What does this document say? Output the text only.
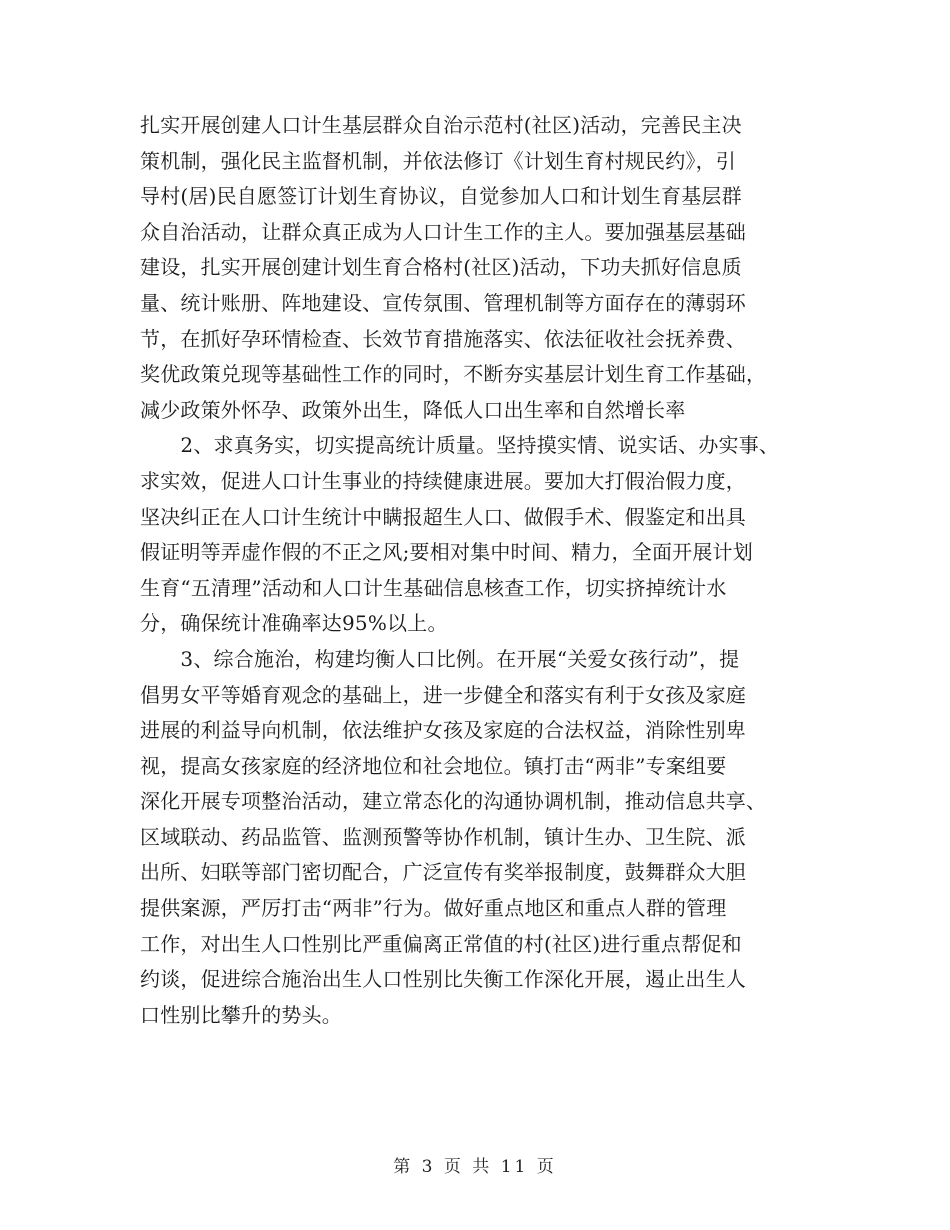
扎实开展创建人口计生基层群众自治示范村(社区)活动，完善民主决
策机制，强化民主监督机制，并依法修订《计划生育村规民约》，引
导村(居)民自愿签订计划生育协议，自觉参加人口和计划生育基层群
众自治活动，让群众真正成为人口计生工作的主人。要加强基层基础
建设，扎实开展创建计划生育合格村(社区)活动，下功夫抓好信息质
量、统计账册、阵地建设、宣传氛围、管理机制等方面存在的薄弱环
节，在抓好孕环情检查、长效节育措施落实、依法征收社会抚养费、
奖优政策兑现等基础性工作的同时，不断夯实基层计划生育工作基础，
减少政策外怀孕、政策外出生，降低人口出生率和自然增长率
　　2、求真务实，切实提高统计质量。坚持摸实情、说实话、办实事、
求实效，促进人口计生事业的持续健康进展。要加大打假治假力度，
坚决纠正在人口计生统计中瞒报超生人口、做假手术、假鉴定和出具
假证明等弄虚作假的不正之风;要相对集中时间、精力，全面开展计划
生育“五清理”活动和人口计生基础信息核查工作，切实挤掉统计水
分，确保统计准确率达95%以上。
　　3、综合施治，构建均衡人口比例。在开展“关爱女孩行动”，提
倡男女平等婚育观念的基础上，进一步健全和落实有利于女孩及家庭
进展的利益导向机制，依法维护女孩及家庭的合法权益，消除性别卑
视，提高女孩家庭的经济地位和社会地位。镇打击“两非”专案组要
深化开展专项整治活动，建立常态化的沟通协调机制，推动信息共享、
区域联动、药品监管、监测预警等协作机制，镇计生办、卫生院、派
出所、妇联等部门密切配合，广泛宣传有奖举报制度，鼓舞群众大胆
提供案源，严厉打击“两非”行为。做好重点地区和重点人群的管理
工作，对出生人口性别比严重偏离正常值的村(社区)进行重点帮促和
约谈，促进综合施治出生人口性别比失衡工作深化开展，遏止出生人
口性别比攀升的势头。
第 3 页 共 11 页
